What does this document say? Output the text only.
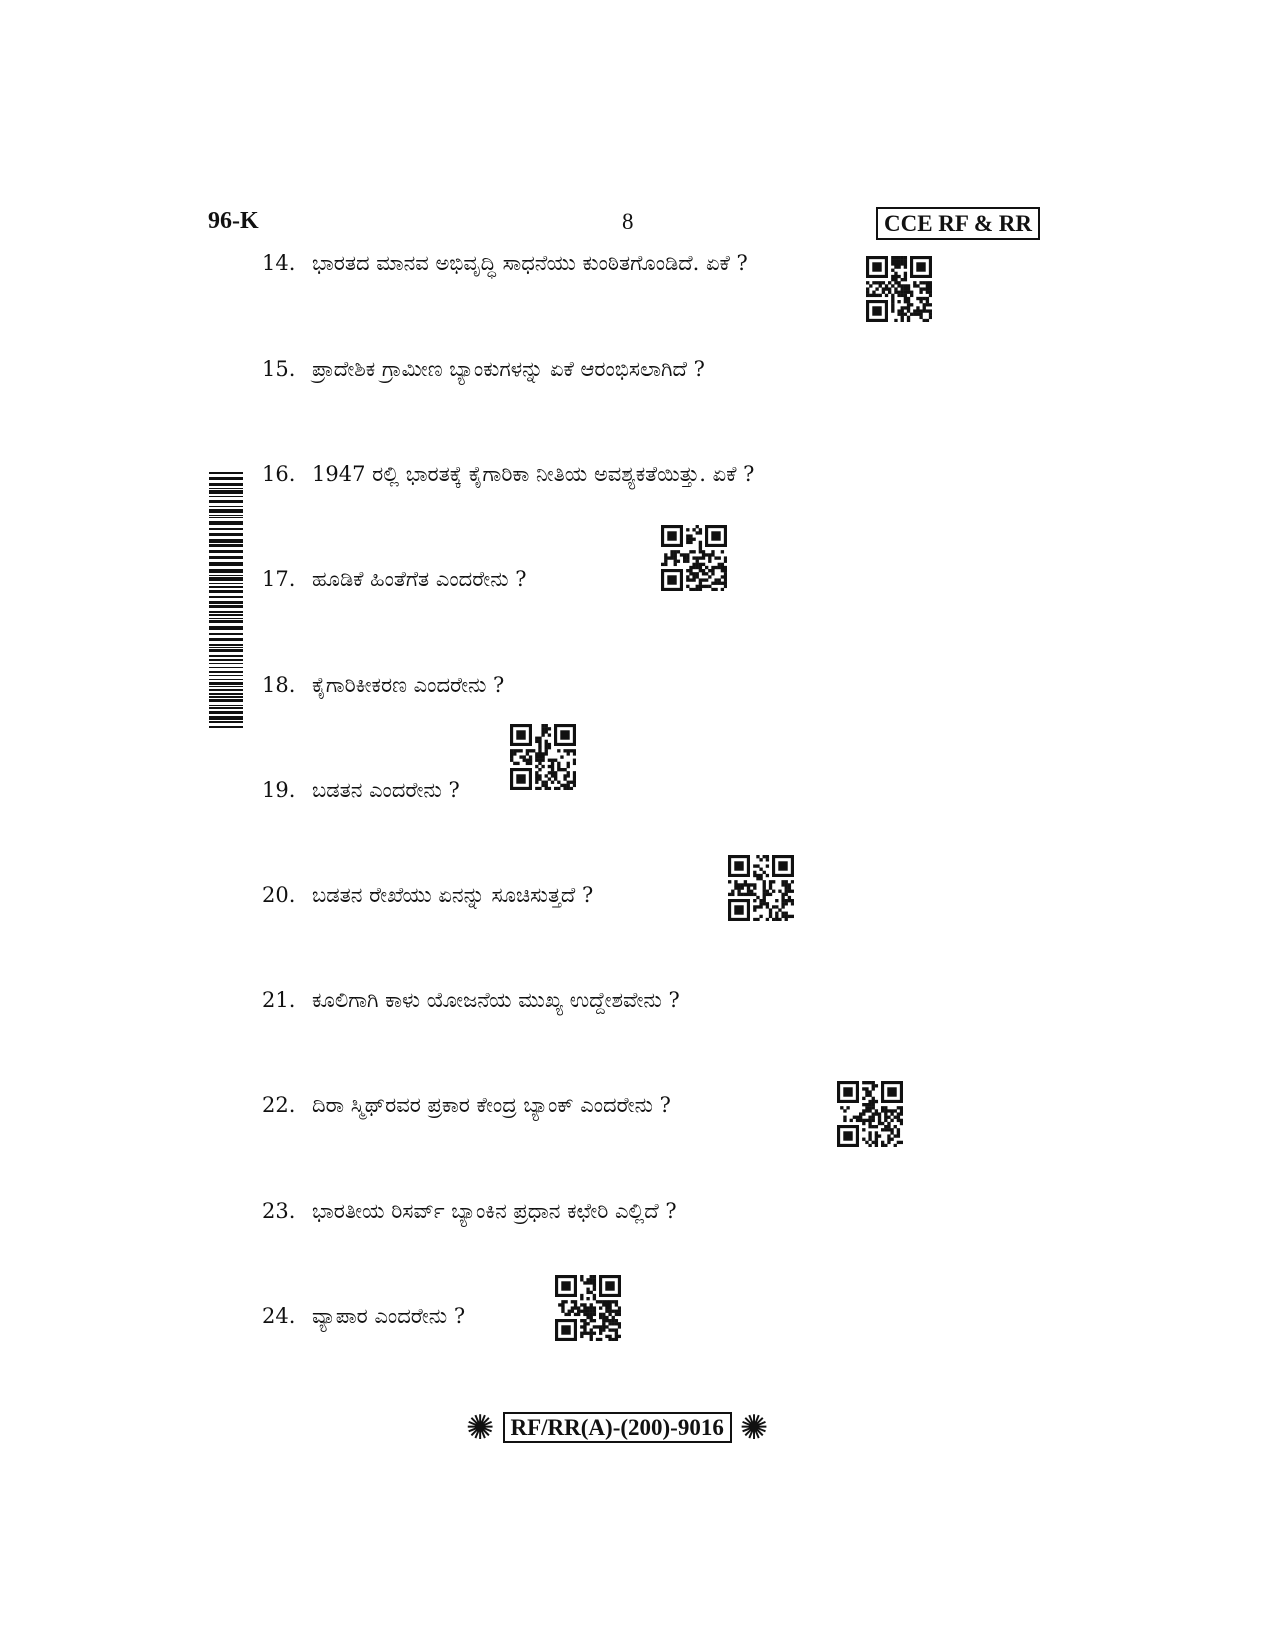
96-K	8	CCE RF & RR
14. ಭಾರತದ ಮಾನವ ಅಭಿವೃದ್ಧಿ ಸಾಧನೆಯು ಕುಂಠಿತಗೊಂಡಿದೆ. ಏಕೆ ?
15. ಪ್ರಾದೇಶಿಕ ಗ್ರಾಮೀಣ ಬ್ಯಾಂಕುಗಳನ್ನು ಏಕೆ ಆರಂಭಿಸಲಾಗಿದೆ ?
16. 1947 ರಲ್ಲಿ ಭಾರತಕ್ಕೆ ಕೈಗಾರಿಕಾ ನೀತಿಯ ಅವಶ್ಯಕತೆಯಿತ್ತು. ಏಕೆ ?
17. ಹೂಡಿಕೆ ಹಿಂತೆಗೆತ ಎಂದರೇನು ?
18. ಕೈಗಾರಿಕೀಕರಣ ಎಂದರೇನು ?
19. ಬಡತನ ಎಂದರೇನು ?
20. ಬಡತನ ರೇಖೆಯು ಏನನ್ನು ಸೂಚಿಸುತ್ತದೆ ?
21. ಕೂಲಿಗಾಗಿ ಕಾಳು ಯೋಜನೆಯ ಮುಖ್ಯ ಉದ್ದೇಶವೇನು ?
22. ದಿರಾ ಸ್ಮಿಥ್‌ರವರ ಪ್ರಕಾರ ಕೇಂದ್ರ ಬ್ಯಾಂಕ್ ಎಂದರೇನು ?
23. ಭಾರತೀಯ ರಿಸರ್ವ್ ಬ್ಯಾಂಕಿನ ಪ್ರಧಾನ ಕಛೇರಿ ಎಲ್ಲಿದೆ ?
24. ವ್ಯಾಪಾರ ಎಂದರೇನು ?
✺ RF/RR(A)-(200)-9016 ✺
